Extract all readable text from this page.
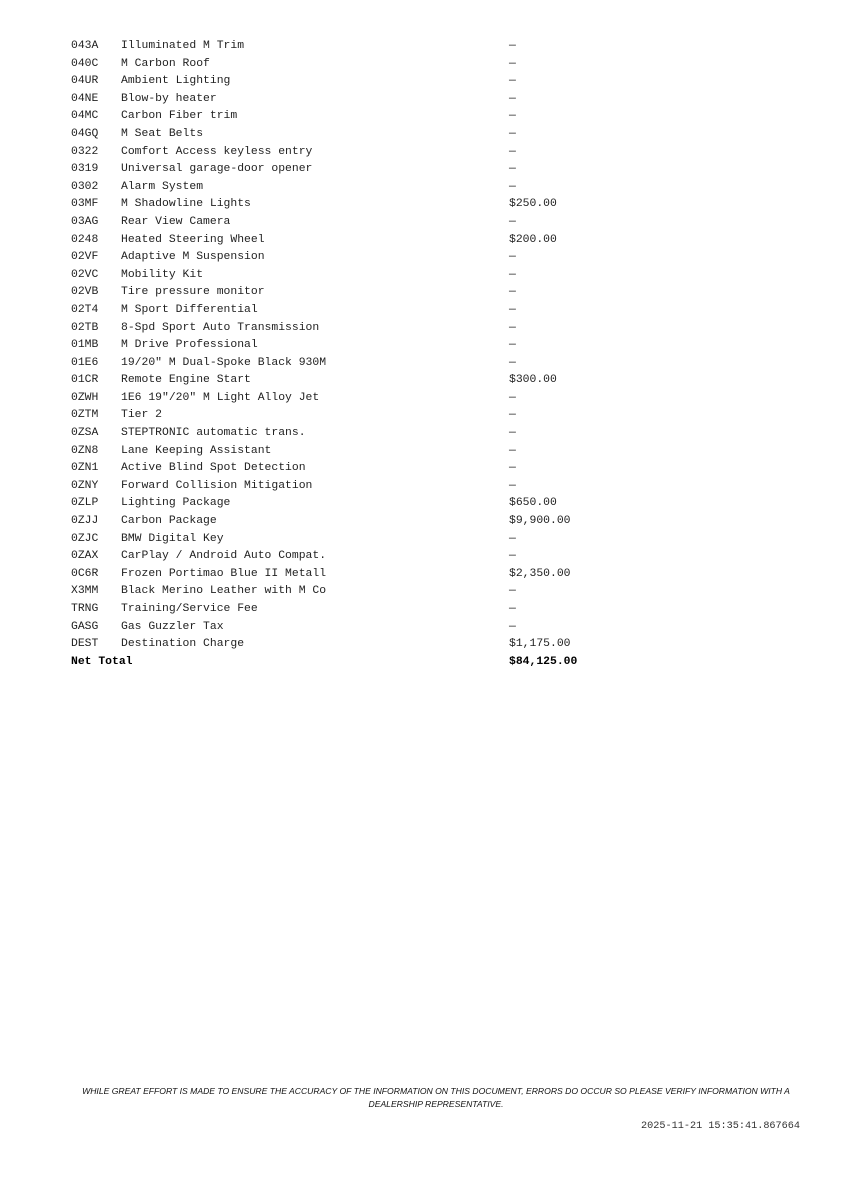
043A Illuminated M Trim	—
040C M Carbon Roof	—
04UR Ambient Lighting	—
04NE Blow-by heater	—
04MC Carbon Fiber trim	—
04GQ M Seat Belts	—
0322 Comfort Access keyless entry	—
0319 Universal garage-door opener	—
0302 Alarm System	—
03MF M Shadowline Lights	$250.00
03AG Rear View Camera	—
0248 Heated Steering Wheel	$200.00
02VF Adaptive M Suspension	—
02VC Mobility Kit	—
02VB Tire pressure monitor	—
02T4 M Sport Differential	—
02TB 8-Spd Sport Auto Transmission	—
01MB M Drive Professional	—
01E6 19/20" M Dual-Spoke Black 930M	—
01CR Remote Engine Start	$300.00
0ZWH 1E6 19"/20" M Light Alloy Jet	—
0ZTM Tier 2	—
0ZSA STEPTRONIC automatic trans.	—
0ZN8 Lane Keeping Assistant	—
0ZN1 Active Blind Spot Detection	—
0ZNY Forward Collision Mitigation	—
0ZLP Lighting Package	$650.00
0ZJJ Carbon Package	$9,900.00
0ZJC BMW Digital Key	—
0ZAX CarPlay / Android Auto Compat.	—
0C6R Frozen Portimao Blue II Metall	$2,350.00
X3MM Black Merino Leather with M Co	—
TRNG Training/Service Fee	—
GASG Gas Guzzler Tax	—
DEST Destination Charge	$1,175.00
Net Total	$84,125.00
WHILE GREAT EFFORT IS MADE TO ENSURE THE ACCURACY OF THE INFORMATION ON THIS DOCUMENT, ERRORS DO OCCUR SO PLEASE VERIFY INFORMATION WITH A DEALERSHIP REPRESENTATIVE.
2025-11-21 15:35:41.867664
